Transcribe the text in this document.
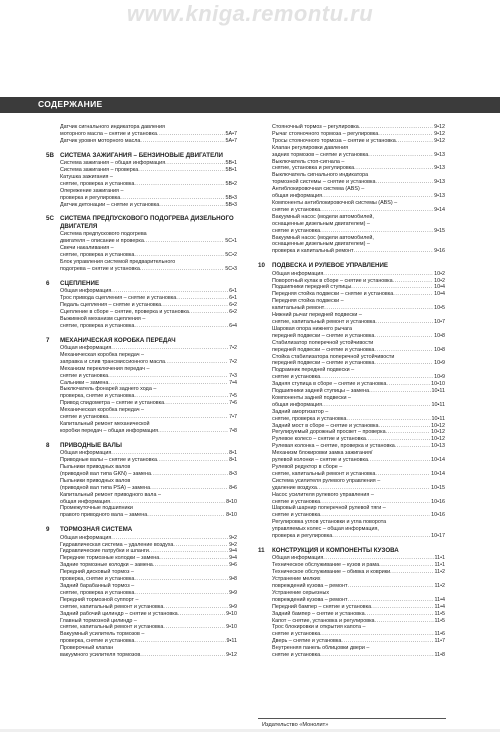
www.kniga.remontu.ru
СОДЕРЖАНИЕ
Датчик сигнального индикатора давления
моторного масла – снятие и установка .....	5А•7
Датчик уровня моторного масла .....	5А•7
5В СИСТЕМА ЗАЖИГАНИЯ – БЕНЗИНОВЫЕ ДВИГАТЕЛИ
Система зажигания – общая информация .....	5В•1
Система зажигания – проверка .....	5В•1
Катушка зажигания –
снятие, проверка и установка .....	5В•2
Опережение зажигания –
проверка и регулировка .....	5В•3
Датчик детонации – снятие и установка .....	5В•3
5С СИСТЕМА ПРЕДПУСКОВОГО ПОДОГРЕВА ДИЗЕЛЬНОГО ДВИГАТЕЛЯ
Система предпускового подогрева
двигателя – описание и проверка .....	5С•1
Свечи накаливания –
снятие, проверка и установка .....	5С•2
Блок управления системой предварительного
подогрева – снятие и установка .....	5С•3
6	СЦЕПЛЕНИЕ
Общая информация .....	6•1
Трос привода сцепления – снятие и установка .....	6•1
Педаль сцепления – снятие и установка .....	6•2
Сцепление в сборе – снятие, проверка и установка .....	6•2
Выжимной механизм сцепления –
снятие, проверка и установка .....	6•4
7	МЕХАНИЧЕСКАЯ КОРОБКА ПЕРЕДАЧ
Общая информация .....	7•2
Механическая коробка передач –
заправка и слив трансмиссионного масла .....	7•2
Механизм переключения передач –
снятие и установка .....	7•3
Сальники – замена .....	7•4
Выключатель фонарей заднего хода –
проверка, снятие и установка .....	7•5
Привод спидометра – снятие и установка .....	7•6
Механическая коробка передач –
снятие и установка .....	7•7
Капитальный ремонт механической
коробки передач – общая информация .....	7•8
8	ПРИВОДНЫЕ ВАЛЫ
Общая информация .....	8•1
Приводные валы – снятие и установка .....	8•1
Пыльники приводных валов
(приводной вал типа GKN) – замена .....	8•3
Пыльники приводных валов
(приводной вал типа PSA) – замена .....	8•6
Капитальный ремонт приводного вала –
общая информация .....	8•10
Промежуточные подшипники
правого приводного вала – замена .....	8•10
9	ТОРМОЗНАЯ СИСТЕМА
Общая информация .....	9•2
Гидравлическая система – удаление воздуха .....	9•2
Гидравлические патрубки и шланги .....	9•4
Передние тормозные колодки – замена .....	9•4
Задние тормозные колодки – замена .....	9•6
Передний дисковый тормоз –
проверка, снятие и установка .....	9•8
Задний барабанный тормоз –
снятие, проверка и установка .....	9•9
Передний тормозной суппорт –
снятие, капитальный ремонт и установка .....	9•9
Задний рабочий цилиндр – снятие и установка .....	9•10
Главный тормозной цилиндр –
снятие, капитальный ремонт и установка .....	9•10
Вакуумный усилитель тормозов –
проверка, снятие и установка .....	9•11
Проверочный клапан
вакуумного усилителя тормозов .....	9•12
Стояночный тормоз – регулировка .....	9•12
Рычаг стояночного тормоза – регулировка .....	9•12
Тросы стояночного тормоза – снятие и установка .....	9•12
Клапан регулировки давления
задних тормозов – снятие и установка .....	9•13
Выключатель стоп-сигнала –
снятие, установка и регулировка .....	9•13
Выключатель сигнального индикатора
тормозной системы – снятие и установка .....	9•13
Антиблокировочная система (ABS) –
общая информация .....	9•13
Компоненты антиблокировочной системы (ABS) –
снятие и установка .....	9•14
Вакуумный насос (модели автомобилей,
оснащенные дизельным двигателем) –
снятие и установка .....	9•15
Вакуумный насос (модели автомобилей,
оснащенные дизельным двигателем) –
проверка и капитальный ремонт .....	9•16
10	ПОДВЕСКА И РУЛЕВОЕ УПРАВЛЕНИЕ
Общая информация .....	10•2
Поворотный кулак в сборе – снятие и установка .....	10•2
Подшипники передней ступицы .....	10•4
Передняя стойка подвески – снятие и установка .....	10•4
Передняя стойка подвески –
капитальный ремонт .....	10•5
Нижний рычаг передней подвески –
снятие, капитальный ремонт и установка .....	10•7
Шаровая опора нижнего рычага
передней подвески – снятие и установка .....	10•8
Стабилизатор поперечной устойчивости
передней подвески – снятие и установка .....	10•8
Стойка стабилизатора поперечной устойчивости
передней подвески – снятие и установка .....	10•9
Подрамник передней подвески –
снятие и установка .....	10•9
Задняя ступица в сборе – снятие и установка .....	10•10
Подшипники задней ступицы – замена .....	10•11
Компоненты задней подвески –
общая информация .....	10•11
Задний амортизатор –
снятие, проверка и установка .....	10•11
Задний мост в сборе – снятие и установка .....	10•12
Регулируемый дорожный просвет – проверка .....	10•12
Рулевое колесо – снятие и установка .....	10•12
Рулевая колонка – снятие, проверка и установка .....	10•13
Механизм блокировки замка зажигания/
рулевой колонки – снятие и установка .....	10•14
Рулевой редуктор в сборе –
снятие, капитальный ремонт и установка .....	10•14
Система усилителя рулевого управления –
удаление воздуха .....	10•15
Насос усилителя рулевого управления –
снятие и установка .....	10•16
Шаровый шарнир поперечной рулевой тяги –
снятие и установка .....	10•16
Регулировка углов установки и угла поворота
управляемых колес – общая информация,
проверка и регулировка .....	10•17
11	КОНСТРУКЦИЯ И КОМПОНЕНТЫ КУЗОВА
Общая информация .....	11•1
Техническое обслуживание – кузов и рама .....	11•1
Техническое обслуживание – обивка и коврики .....	11•2
Устранение мелких
повреждений кузова – ремонт .....	11•2
Устранение серьезных
повреждений кузова – ремонт .....	11•4
Передний бампер – снятие и установка .....	11•4
Задний бампер – снятие и установка .....	11•5
Капот – снятие, установка и регулировка .....	11•5
Трос блокировки и открытия капота –
снятие и установка .....	11•6
Дверь – снятие и установка .....	11•7
Внутренняя панель облицовки двери –
снятие и установка .....	11•8
Издательство «Монолит»
